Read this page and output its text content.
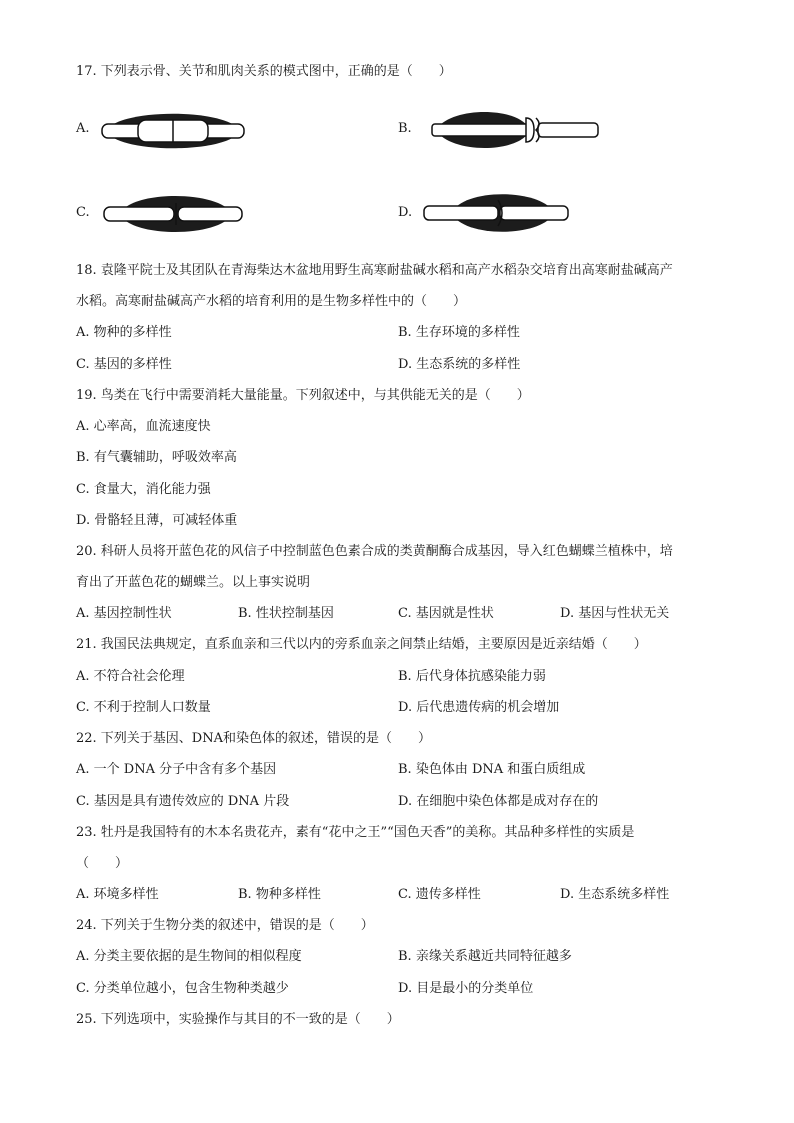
17. 下列表示骨、关节和肌肉关系的模式图中，正确的是（　　）
A.	B.
C.	D.
18. 袁隆平院士及其团队在青海柴达木盆地用野生高寒耐盐碱水稻和高产水稻杂交培育出高寒耐盐碱高产
水稻。高寒耐盐碱高产水稻的培育利用的是生物多样性中的（　　）
A. 物种的多样性	B. 生存环境的多样性
C. 基因的多样性	D. 生态系统的多样性
19. 鸟类在飞行中需要消耗大量能量。下列叙述中，与其供能无关的是（　　）
A. 心率高，血流速度快
B. 有气囊辅助，呼吸效率高
C. 食量大，消化能力强
D. 骨骼轻且薄，可减轻体重
20. 科研人员将开蓝色花的风信子中控制蓝色色素合成的类黄酮酶合成基因，导入红色蝴蝶兰植株中，培
育出了开蓝色花的蝴蝶兰。以上事实说明
A. 基因控制性状	B. 性状控制基因	C. 基因就是性状	D. 基因与性状无关
21. 我国民法典规定，直系血亲和三代以内的旁系血亲之间禁止结婚，主要原因是近亲结婚（　　）
A. 不符合社会伦理	B. 后代身体抗感染能力弱
C. 不利于控制人口数量	D. 后代患遗传病的机会增加
22. 下列关于基因、DNA和染色体的叙述，错误的是（　　）
A. 一个 DNA 分子中含有多个基因	B. 染色体由 DNA 和蛋白质组成
C. 基因是具有遗传效应的 DNA 片段	D. 在细胞中染色体都是成对存在的
23. 牡丹是我国特有的木本名贵花卉，素有“花中之王”“国色天香”的美称。其品种多样性的实质是
（　　）
A. 环境多样性	B. 物种多样性	C. 遗传多样性	D. 生态系统多样性
24. 下列关于生物分类的叙述中，错误的是（　　）
A. 分类主要依据的是生物间的相似程度	B. 亲缘关系越近共同特征越多
C. 分类单位越小，包含生物种类越少	D. 目是最小的分类单位
25. 下列选项中，实验操作与其目的不一致的是（　　）
